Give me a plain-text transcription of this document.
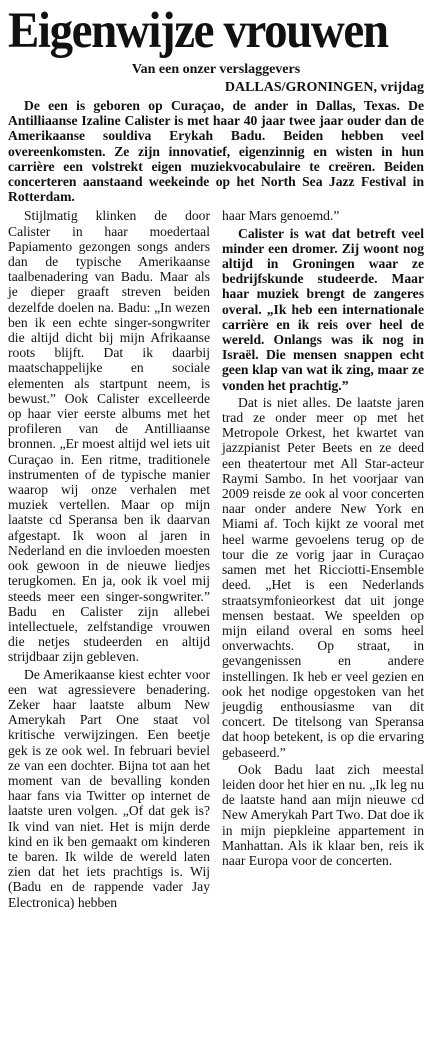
Eigenwijze vrouwen
Van een onzer verslaggevers
DALLAS/GRONINGEN, vrijdag

De een is geboren op Curaçao, de ander in Dallas, Texas. De Antilliaanse Izaline Calister is met haar 40 jaar twee jaar ouder dan de Amerikaanse souldiva Erykah Badu. Beiden hebben veel overeenkomsten. Ze zijn innovatief, eigenzinnig en wisten in hun carrière een volstrekt eigen muziekvocabulaire te creëren. Beiden concerteren aanstaand weekeinde op het North Sea Jazz Festival in Rotterdam.

Stijlmatig klinken de door Calister in haar moedertaal Papiamento gezongen songs anders dan de typische Amerikaanse taalbenadering van Badu. Maar als je dieper graaft streven beiden dezelfde doelen na. Badu: „In wezen ben ik een echte singer-songwriter die altijd dicht bij mijn Afrikaanse roots blijft. Dat ik daarbij maatschappelijke en sociale elementen als startpunt neem, is bewust.” Ook Calister excelleerde op haar vier eerste albums met het profileren van de Antilliaanse bronnen. „Er moest altijd wel iets uit Curaçao in. Een ritme, traditionele instrumenten of de typische manier waarop wij onze verhalen met muziek vertellen. Maar op mijn laatste cd Speransa ben ik daarvan afgestapt. Ik woon al jaren in Nederland en die invloeden moesten ook gewoon in de nieuwe liedjes terugkomen. En ja, ook ik voel mij steeds meer een singer-songwriter.” Badu en Calister zijn allebei intellectuele, zelfstandige vrouwen die netjes studeerden en altijd strijdbaar zijn gebleven.

De Amerikaanse kiest echter voor een wat agressievere benadering. Zeker haar laatste album New Amerykah Part One staat vol kritische verwijzingen. Een beetje gek is ze ook wel. In februari beviel ze van een dochter. Bijna tot aan het moment van de bevalling konden haar fans via Twitter op internet de laatste uren volgen. „Of dat gek is? Ik vind van niet. Het is mijn derde kind en ik ben gemaakt om kinderen te baren. Ik wilde de wereld laten zien dat het iets prachtigs is. Wij (Badu en de rappende vader Jay Electronica) hebben

haar Mars genoemd.”

Calister is wat dat betreft veel minder een dromer. Zij woont nog altijd in Groningen waar ze bedrijfskunde studeerde. Maar haar muziek brengt de zangeres overal. „Ik heb een internationale carrière en ik reis over heel de wereld. Onlangs was ik nog in Israël. Die mensen snappen echt geen klap van wat ik zing, maar ze vonden het prachtig.”

Dat is niet alles. De laatste jaren trad ze onder meer op met het Metropole Orkest, het kwartet van jazzpianist Peter Beets en ze deed een theatertour met All Star-acteur Raymi Sambo. In het voorjaar van 2009 reisde ze ook al voor concerten naar onder andere New York en Miami af. Toch kijkt ze vooral met heel warme gevoelens terug op de tour die ze vorig jaar in Curaçao samen met het Ricciotti-Ensemble deed. „Het is een Nederlands straatsymfonieorkest dat uit jonge mensen bestaat. We speelden op mijn eiland overal en soms heel onverwachts. Op straat, in gevangenissen en andere instellingen. Ik heb er veel gezien en ook het nodige opgestoken van het jeugdig enthousiasme van dit concert. De titelsong van Speransa dat hoop betekent, is op die ervaring gebaseerd.”

Ook Badu laat zich meestal leiden door het hier en nu. „Ik leg nu de laatste hand aan mijn nieuwe cd New Amerykah Part Two. Dat doe ik in mijn piepkleine appartement in Manhattan. Als ik klaar ben, reis ik naar Europa voor de concerten.
